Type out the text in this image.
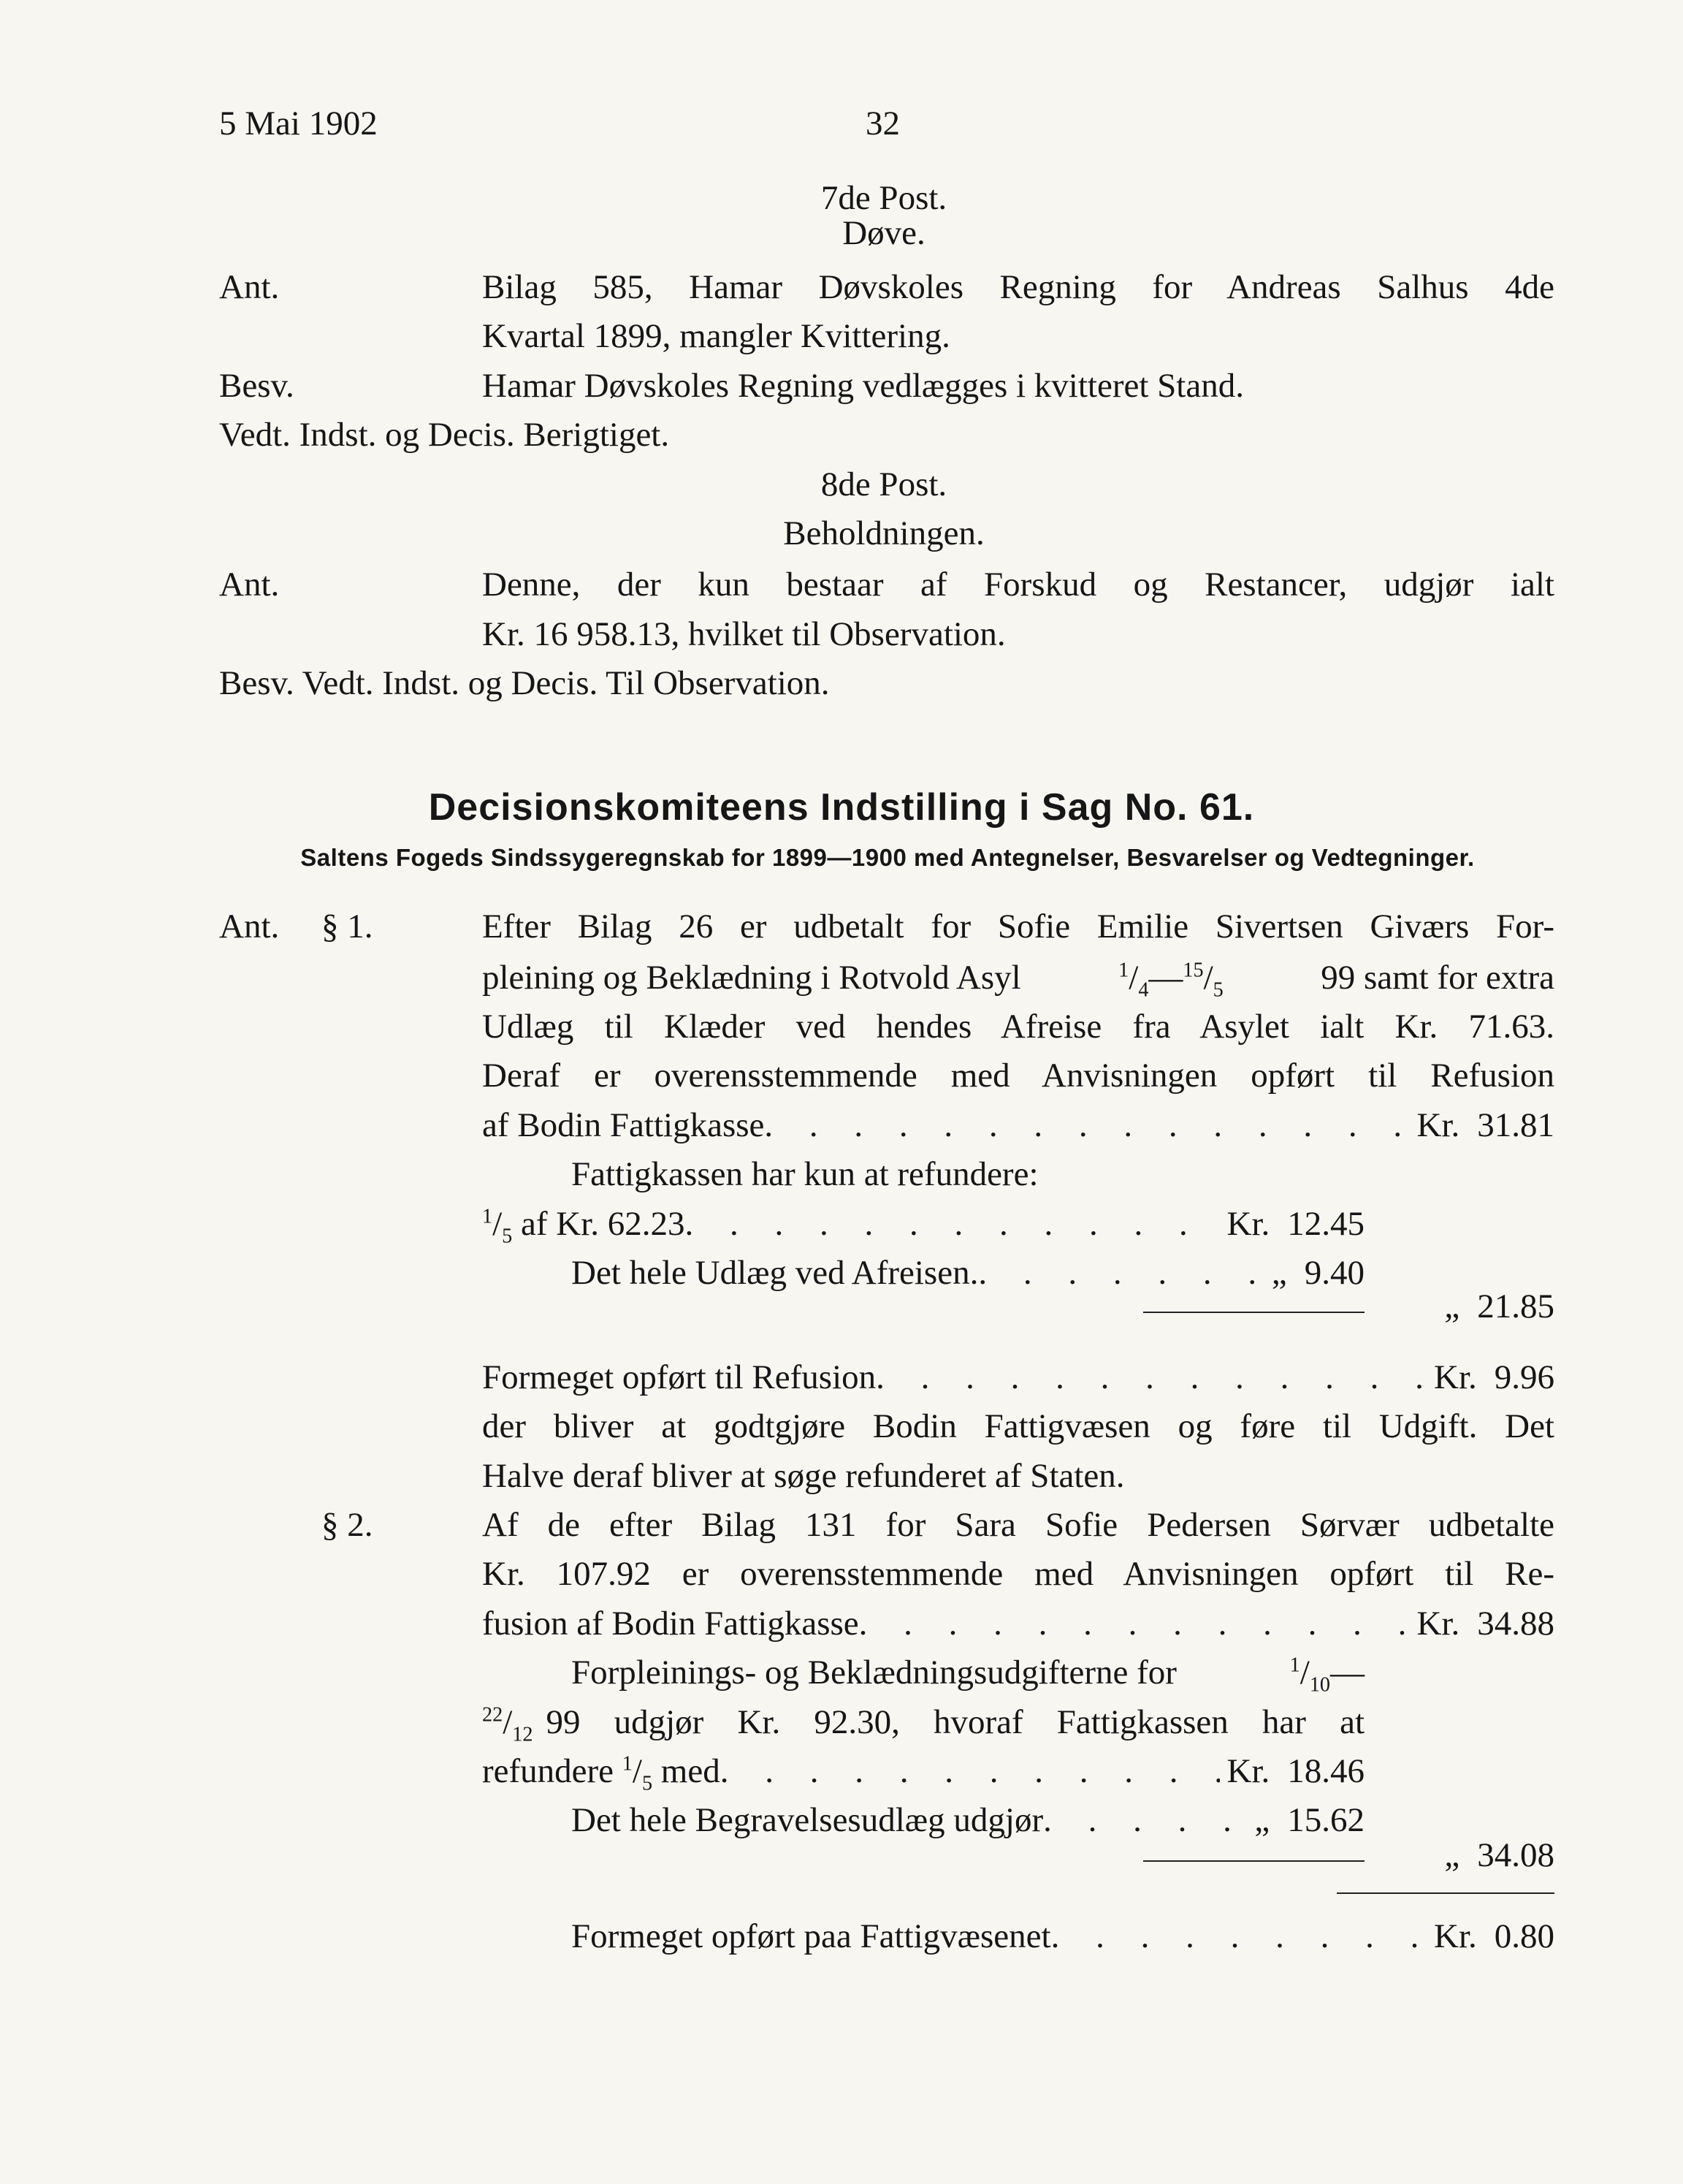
5 Mai 1902	32
7de Post.
Døve.
Ant.	Bilag 585, Hamar Døvskoles Regning for Andreas Salhus 4de
Kvartal 1899, mangler Kvittering.
Besv.	Hamar Døvskoles Regning vedlægges i kvitteret Stand.
Vedt. Indst. og Decis. Berigtiget.
8de Post.
Beholdningen.
Ant.	Denne, der kun bestaar af Forskud og Restancer, udgjør ialt
Kr. 16 958.13, hvilket til Observation.
Besv. Vedt. Indst. og Decis. Til Observation.
Decisionskomiteens Indstilling i Sag No. 61.
Saltens Fogeds Sindssygeregnskab for 1899—1900 med Antegnelser, Besvarelser og Vedtegninger.
Ant. § 1.	Efter Bilag 26 er udbetalt for Sofie Emilie Sivertsen Giværs For-
pleining og Beklædning i Rotvold Asyl	$^1/_4—^{15}/_5$	99 samt for extra
Udlæg til Klæder ved hendes Afreise fra Asylet ialt Kr. 71.63.
Deraf er overensstemmende med Anvisningen opført til Refusion
af Bodin Fattigkasse . . .	Kr. 31.81
Fattigkassen har kun at refundere:
$^1/_5$ af Kr. 62.23 . . .	Kr. 12.45
Det hele Udlæg ved Afreisen. . . .	„ 9.40
„ 21.85
Formeget opført til Refusion . . .	Kr. 9.96
der bliver at godtgjøre Bodin Fattigvæsen og føre til Udgift. Det
Halve deraf bliver at søge refunderet af Staten.
§ 2.	Af de efter Bilag 131 for Sara Sofie Pedersen Sørvær udbetalte
Kr. 107.92 er overensstemmende med Anvisningen opført til Re-
fusion af Bodin Fattigkasse . . .	Kr. 34.88
Forpleinings- og Beklædningsudgifterne for	$^1/_{10}—$
$^{22}/_{12}$ 99 udgjør Kr. 92.30, hvoraf Fattigkassen har at
refundere $^1/_5$ med . . .	Kr. 18.46
Det hele Begravelsesudlæg udgjør . . .	„ 15.62
„ 34.08
Formeget opført paa Fattigvæsenet . . .	Kr. 0.80
